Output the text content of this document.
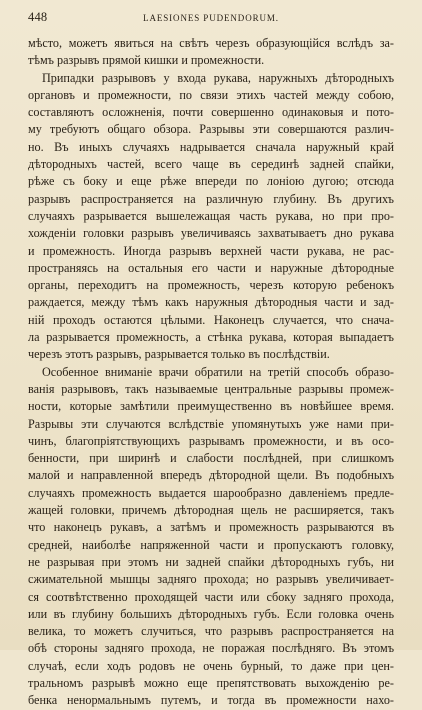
448	LAESIONES PUDENDORUM.
мѣсто, можетъ явиться на свѣтъ черезъ образующійся вслѣдъ за-
тѣмъ разрывъ прямой кишки и промежности.
Припадки разрывовъ у входа рукава, наружныхъ дѣтородныхъ
органовъ и промежности, по связи этихъ частей между собою,
составляютъ осложненія, почти совершенно одинаковыя и пото-
му требуютъ общаго обзора. Разрывы эти совершаются различ-
но. Въ иныхъ случаяхъ надрывается сначала наружный край
дѣтородныхъ частей, всего чаще въ серединѣ задней спайки,
рѣже съ боку и еще рѣже впереди по лоніою дугою; отсюда
разрывъ распространяется на различную глубину. Въ другихъ
случаяхъ разрывается вышележащая часть рукава, но при про-
хожденіи головки разрывъ увеличиваясь захватываетъ дно рукава
и промежность. Иногда разрывъ верхней части рукава, не рас-
пространяясь на остальныя его части и наружные дѣтородные
органы, переходитъ на промежность, черезъ которую ребенокъ
раждается, между тѣмъ какъ наружныя дѣтородныя части и зад-
ній проходъ остаются цѣлыми. Наконецъ случается, что снача-
ла разрывается промежность, а стѣнка рукава, которая выпадаетъ
черезъ этотъ разрывъ, разрывается только въ послѣдствіи.
Особенное вниманіе врачи обратили на третій способъ образо-
ванія разрывовъ, такъ называемые центральные разрывы промеж-
ности, которые замѣтили преимущественно въ новѣйшее время.
Разрывы эти случаются вслѣдствіе упомянутыхъ уже нами при-
чинъ, благопріятствующихъ разрывамъ промежности, и въ осо-
бенности, при ширинѣ и слабости послѣдней, при слишкомъ
малой и направленной впередъ дѣтородной щели. Въ подобныхъ
случаяхъ промежность выдается шарообразно давленіемъ предле-
жащей головки, причемъ дѣтородная щель не расширяется, такъ
что наконецъ рукавъ, а затѣмъ и промежность разрываются въ
средней, наиболѣе напряженной части и пропускаютъ головку,
не разрывая при этомъ ни задней спайки дѣтородныхъ губъ, ни
сжимательной мышцы задняго прохода; но разрывъ увеличивает-
ся соотвѣтственно проходящей части или сбоку задняго прохода,
или въ глубину большихъ дѣтородныхъ губъ. Если головка очень
велика, то можетъ случиться, что разрывъ распространяется на
обѣ стороны задняго прохода, не поражая послѣдняго. Въ этомъ
случаѣ, если ходъ родовъ не очень бурный, то даже при цен-
тральномъ разрывѣ можно еще препятствовать выхожденію ре-
бенка ненормальнымъ путемъ, и тогда въ промежности нахо-
